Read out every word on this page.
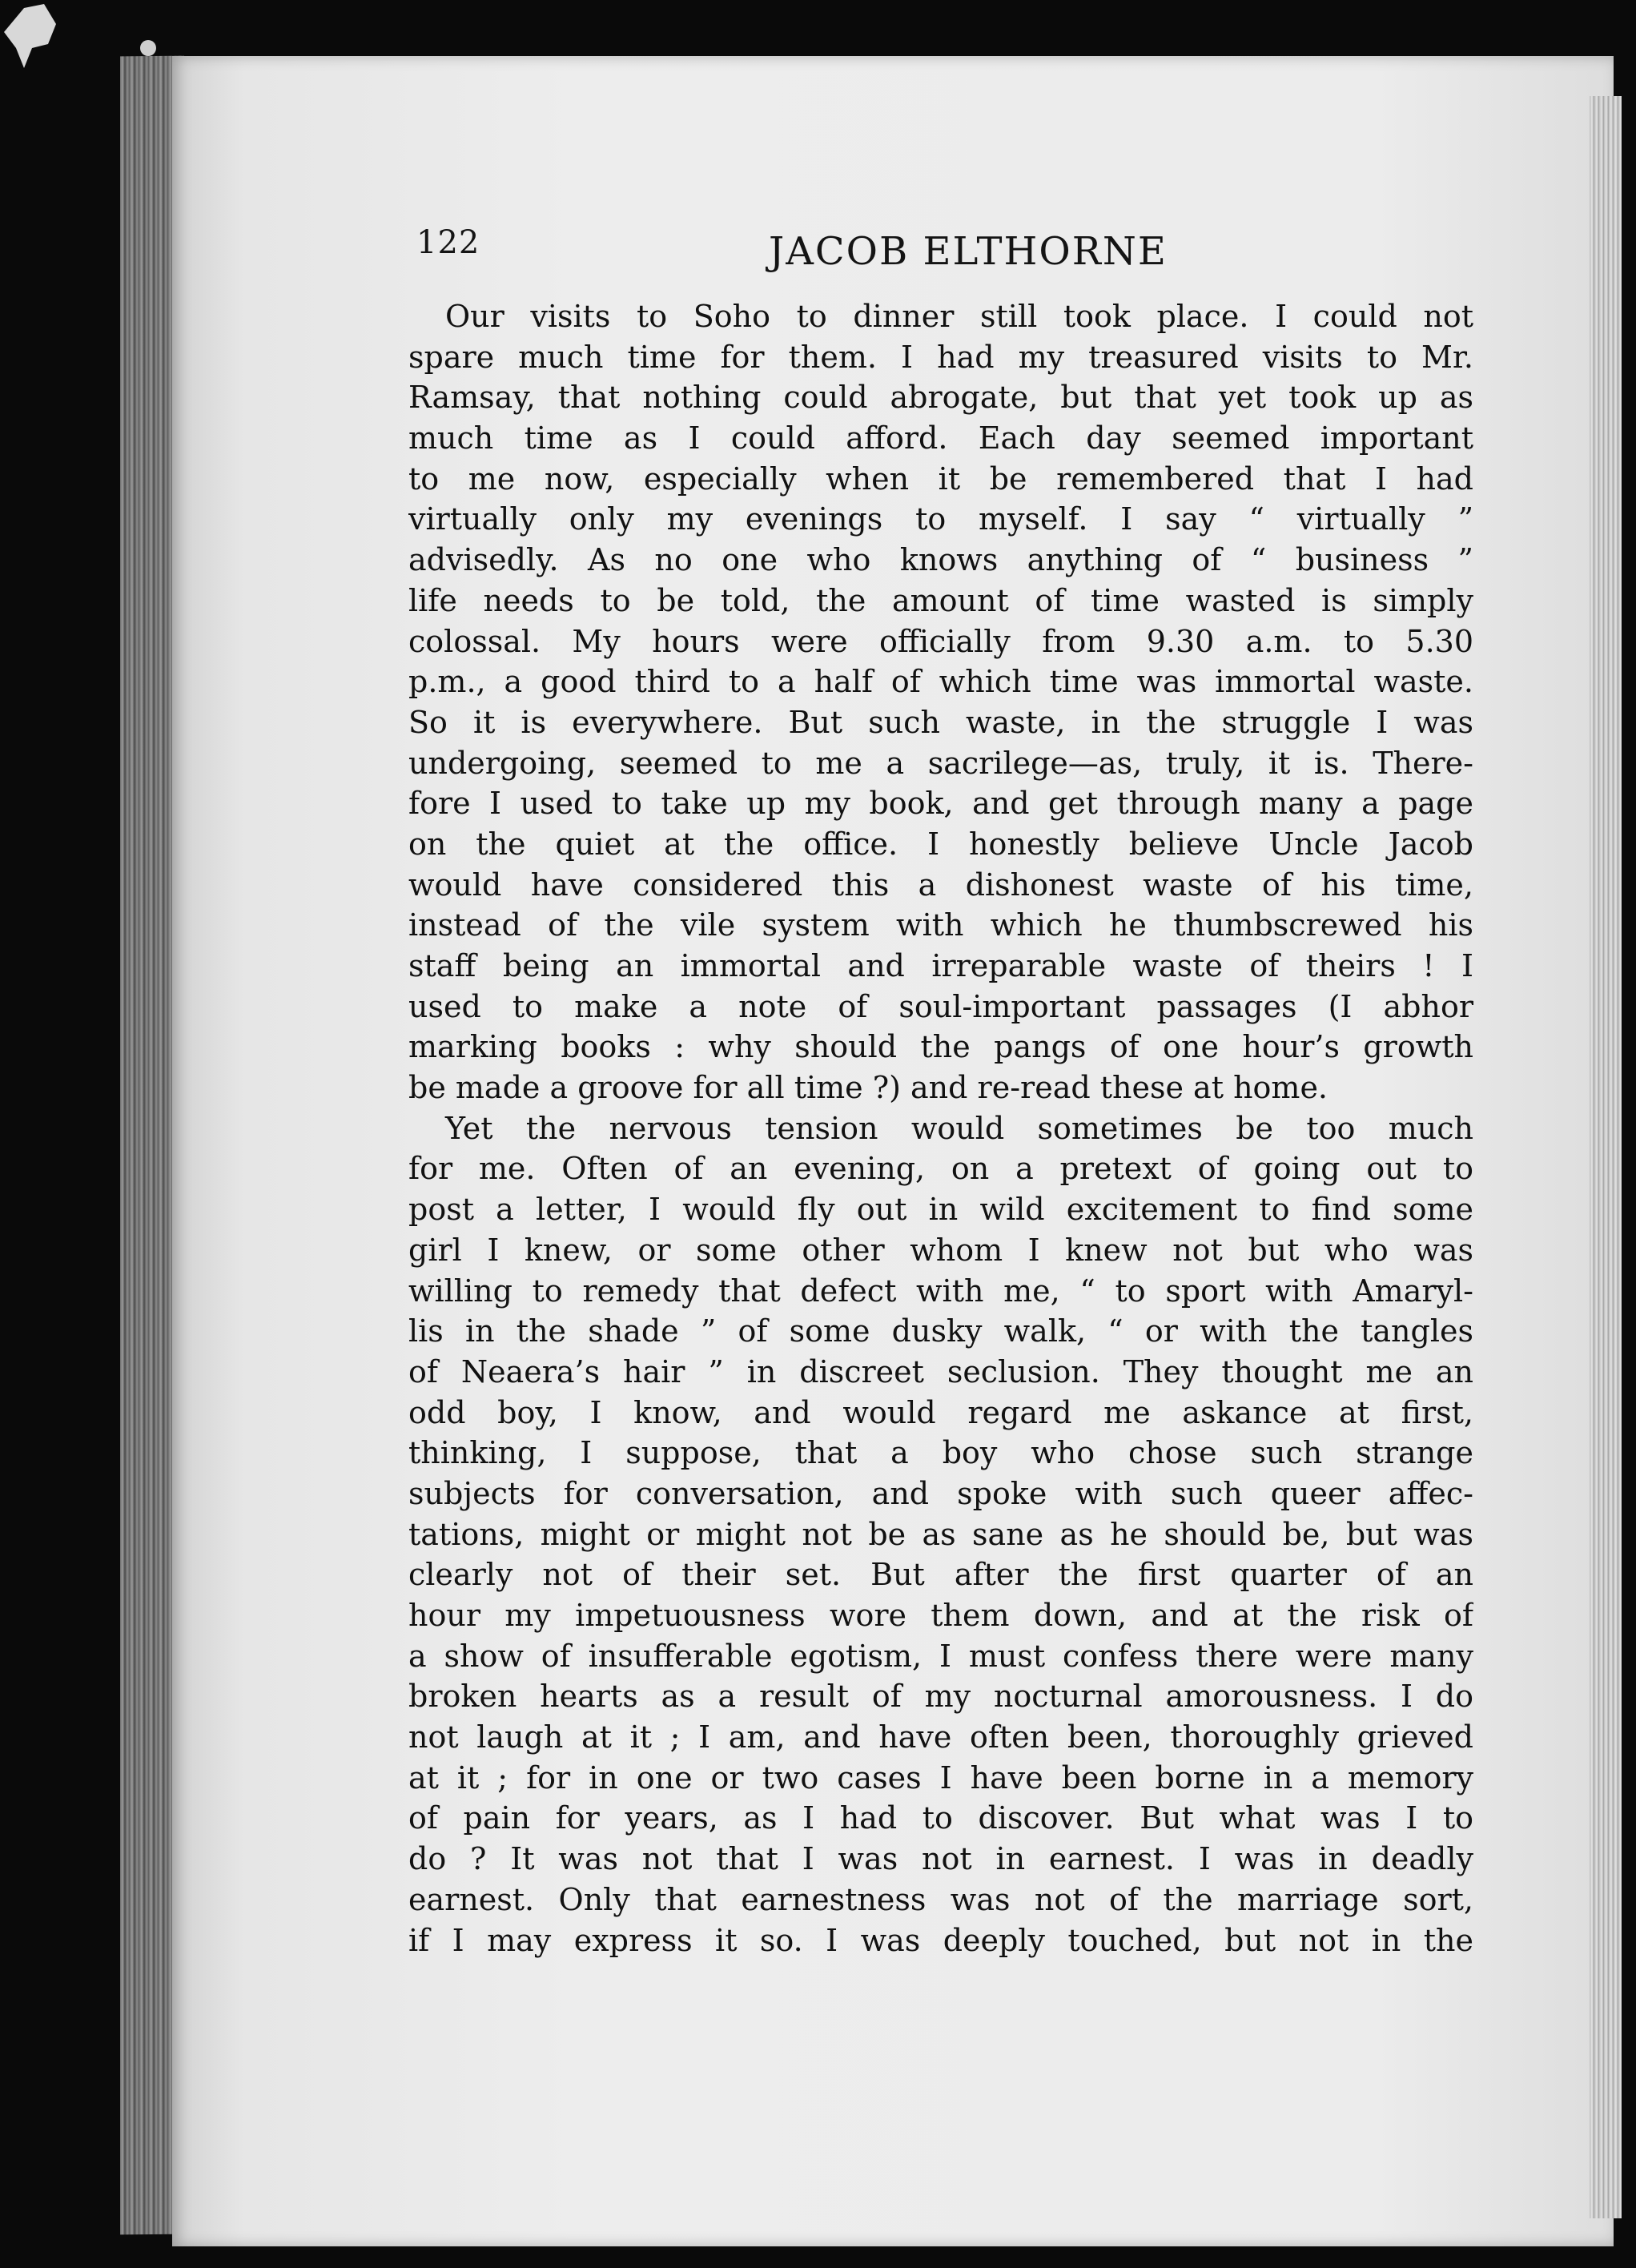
122	JACOB ELTHORNE
Our visits to Soho to dinner still took place. I could not
spare much time for them. I had my treasured visits to Mr.
Ramsay, that nothing could abrogate, but that yet took up as
much time as I could afford. Each day seemed important
to me now, especially when it be remembered that I had
virtually only my evenings to myself. I say “ virtually ”
advisedly. As no one who knows anything of “ business ”
life needs to be told, the amount of time wasted is simply
colossal. My hours were officially from 9.30 a.m. to 5.30
p.m., a good third to a half of which time was immortal waste.
So it is everywhere. But such waste, in the struggle I was
undergoing, seemed to me a sacrilege—as, truly, it is. There-
fore I used to take up my book, and get through many a page
on the quiet at the office. I honestly believe Uncle Jacob
would have considered this a dishonest waste of his time,
instead of the vile system with which he thumbscrewed his
staff being an immortal and irreparable waste of theirs ! I
used to make a note of soul-important passages (I abhor
marking books : why should the pangs of one hour’s growth
be made a groove for all time ?) and re-read these at home.
Yet the nervous tension would sometimes be too much
for me. Often of an evening, on a pretext of going out to
post a letter, I would fly out in wild excitement to find some
girl I knew, or some other whom I knew not but who was
willing to remedy that defect with me, “ to sport with Amaryl-
lis in the shade ” of some dusky walk, “ or with the tangles
of Neaera’s hair ” in discreet seclusion. They thought me an
odd boy, I know, and would regard me askance at first,
thinking, I suppose, that a boy who chose such strange
subjects for conversation, and spoke with such queer affec-
tations, might or might not be as sane as he should be, but was
clearly not of their set. But after the first quarter of an
hour my impetuousness wore them down, and at the risk of
a show of insufferable egotism, I must confess there were many
broken hearts as a result of my nocturnal amorousness. I do
not laugh at it ; I am, and have often been, thoroughly grieved
at it ; for in one or two cases I have been borne in a memory
of pain for years, as I had to discover. But what was I to
do ? It was not that I was not in earnest. I was in deadly
earnest. Only that earnestness was not of the marriage sort,
if I may express it so. I was deeply touched, but not in the
